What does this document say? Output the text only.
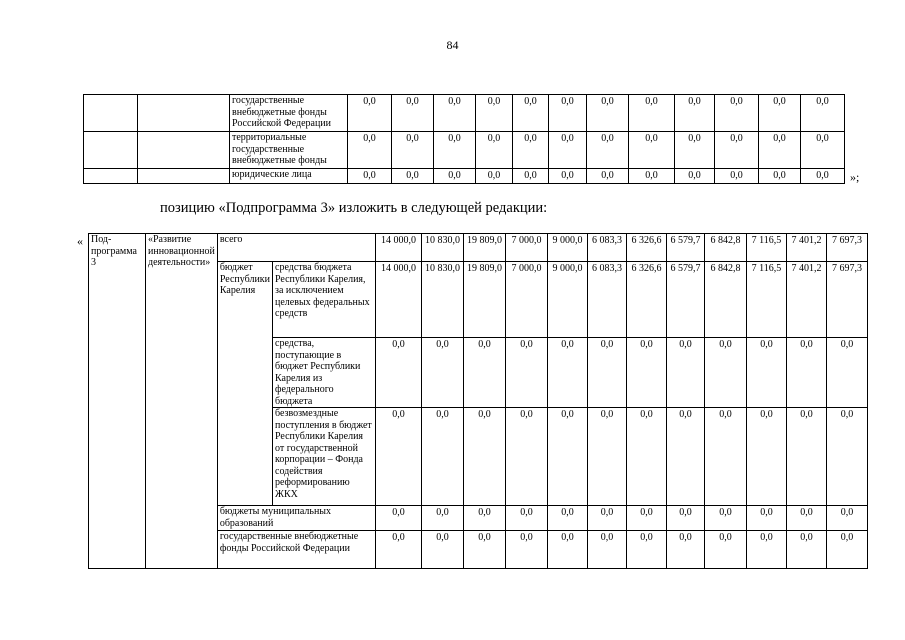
84
		государственные внебюджетные фонды Российской Федерации	0,0	0,0	0,0	0,0	0,0	0,0	0,0	0,0	0,0	0,0	0,0	0,0
		территориальные государственные внебюджетные фонды	0,0	0,0	0,0	0,0	0,0	0,0	0,0	0,0	0,0	0,0	0,0	0,0
		юридические лица	0,0	0,0	0,0	0,0	0,0	0,0	0,0	0,0	0,0	0,0	0,0	0,0 »;
позицию «Подпрограмма 3» изложить в следующей редакции:
« Под-программа 3	«Развитие инновационной деятельности»	всего		14 000,0	10 830,0	19 809,0	7 000,0	9 000,0	6 083,3	6 326,6	6 579,7	6 842,8	7 116,5	7 401,2	7 697,3
		бюджет Республики Карелия	средства бюджета Республики Карелия, за исключением целевых федеральных средств	14 000,0	10 830,0	19 809,0	7 000,0	9 000,0	6 083,3	6 326,6	6 579,7	6 842,8	7 116,5	7 401,2	7 697,3
			средства, поступающие в бюджет Республики Карелия из федерального бюджета	0,0	0,0	0,0	0,0	0,0	0,0	0,0	0,0	0,0	0,0	0,0	0,0
			безвозмездные поступления в бюджет Республики Карелия от государственной корпорации – Фонда содействия реформированию ЖКХ	0,0	0,0	0,0	0,0	0,0	0,0	0,0	0,0	0,0	0,0	0,0	0,0
		бюджеты муниципальных образований		0,0	0,0	0,0	0,0	0,0	0,0	0,0	0,0	0,0	0,0	0,0	0,0
		государственные внебюджетные фонды Российской Федерации		0,0	0,0	0,0	0,0	0,0	0,0	0,0	0,0	0,0	0,0	0,0	0,0
